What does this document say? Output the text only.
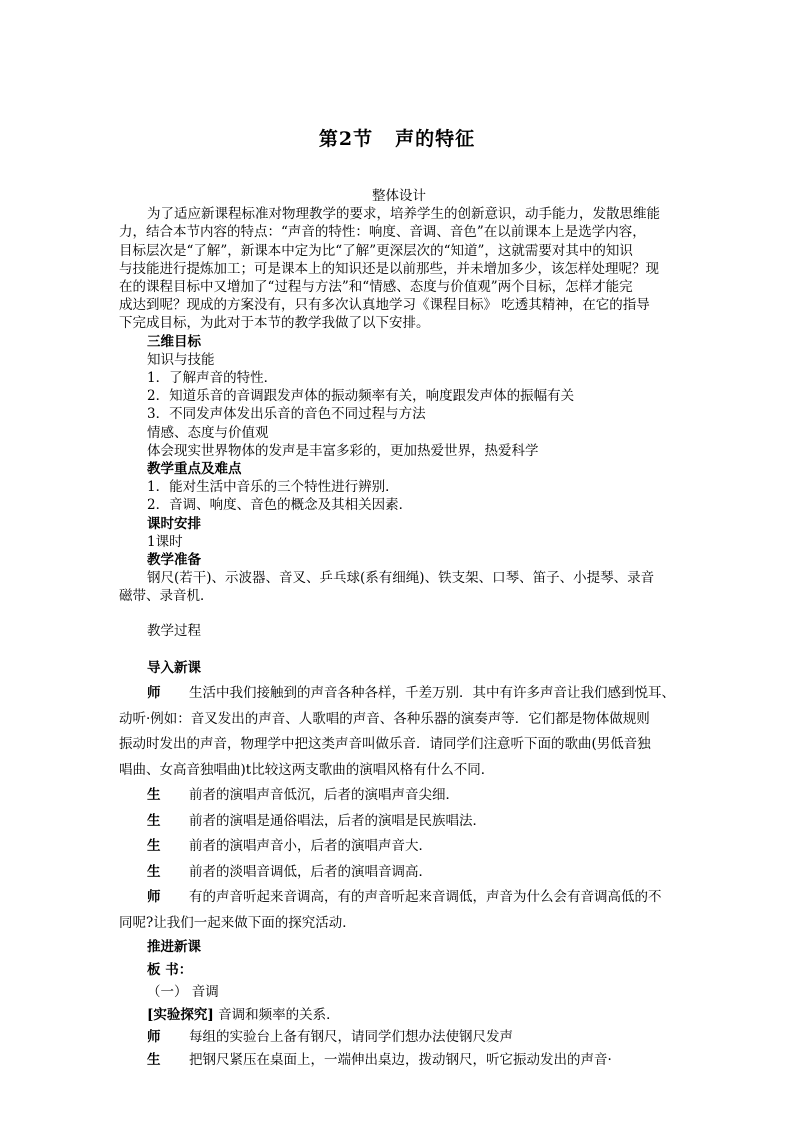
第2节 声的特征

整体设计

为了适应新课程标准对物理教学的要求，培养学生的创新意识，动手能力，发散思维能

力，结合本节内容的特点：“声音的特性：响度、音调、音色”在以前课本上是选学内容，

目标层次是“了解”，新课本中定为比“了解”更深层次的“知道”，这就需要对其中的知识

与技能进行提炼加工；可是课本上的知识还是以前那些，并未增加多少，该怎样处理呢？现

在的课程目标中又增加了“过程与方法”和“情感、态度与价值观”两个目标，怎样才能完

成达到呢？现成的方案没有，只有多次认真地学习《课程目标》 吃透其精神，在它的指导

下完成目标，为此对于本节的教学我做了以下安排。

三维目标

知识与技能

1．了解声音的特性．

2．知道乐音的音调跟发声体的振动频率有关，响度跟发声体的振幅有关

3．不同发声体发出乐音的音色不同过程与方法

情感、态度与价值观

体会现实世界物体的发声是丰富多彩的，更加热爱世界，热爱科学

教学重点及难点

1．能对生活中音乐的三个特性进行辨别．

2．音调、响度、音色的概念及其相关因素．

课时安排

1课时

教学准备

钢尺(若干)、示波器、音叉、乒乓球(系有细绳)、铁支架、口琴、笛子、小提琴、录音

磁带、录音机．

教学过程

导入新课

师 生活中我们接触到的声音各种各样，千差万别．其中有许多声音让我们感到悦耳、

动听·例如：音叉发出的声音、人歌唱的声音、各种乐器的演奏声等．它们都是物体做规则

振动时发出的声音，物理学中把这类声音叫做乐音．请同学们注意听下面的歌曲(男低音独

唱曲、女高音独唱曲)t比较这两支歌曲的演唱风格有什么不同．

生 前者的演唱声音低沉，后者的演唱声音尖细．

生 前者的演唱是通俗唱法，后者的演唱是民族唱法．

生 前者的演唱声音小，后者的演唱声音大．

生 前者的淡唱音调低，后者的演唱音调高．

师 有的声音听起来音调高，有的声音听起来音调低，声音为什么会有音调高低的不

同呢?让我们一起来做下面的探究活动．

推进新课

板 书：

（一） 音调

[实验探究] 音调和频率的关系．

师 每组的实验台上备有钢尺，请同学们想办法使钢尺发声

生 把钢尺紧压在桌面上，一端伸出桌边，拨动钢尺，听它振动发出的声音·
